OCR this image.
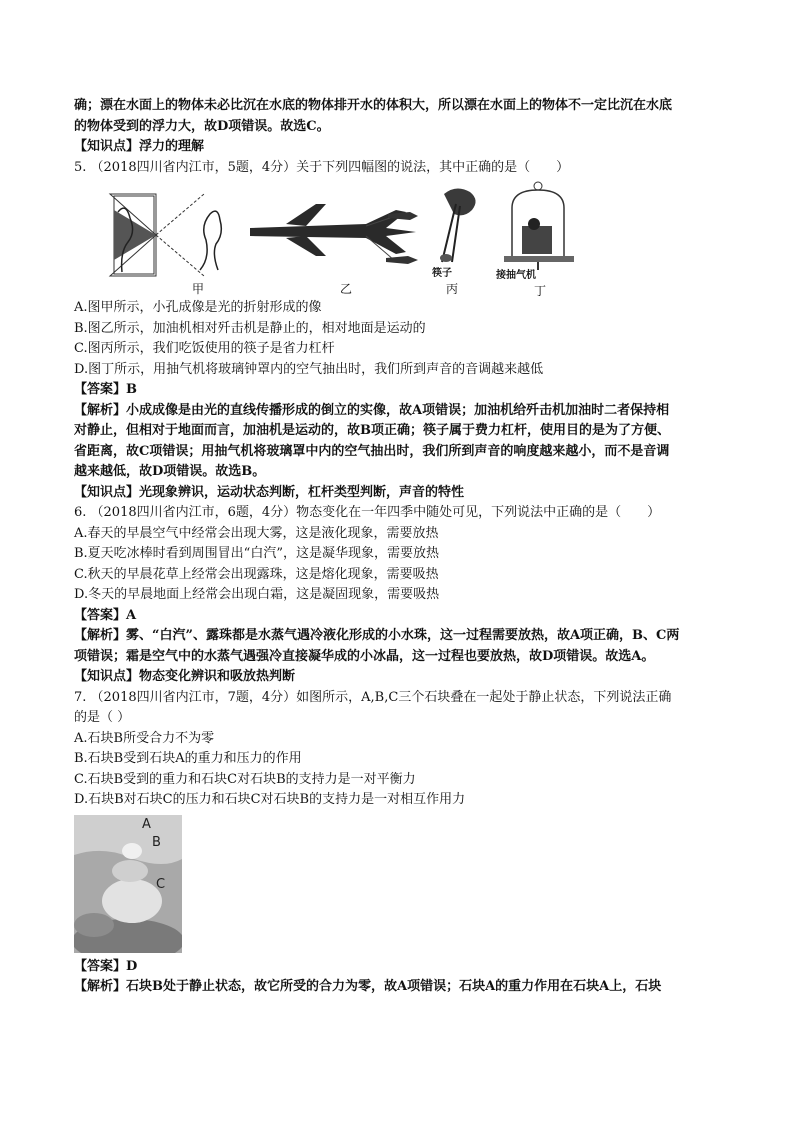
确；漂在水面上的物体未必比沉在水底的物体排开水的体积大，所以漂在水面上的物体不一定比沉在水底
的物体受到的浮力大，故D项错误。故选C。
【知识点】浮力的理解
5. （2018四川省内江市，5题，4分）关于下列四幅图的说法，其中正确的是（　　）
甲	乙
筷子
丙
接抽气机
丁
A.图甲所示，小孔成像是光的折射形成的像
B.图乙所示，加油机相对歼击机是静止的，相对地面是运动的
C.图丙所示，我们吃饭使用的筷子是省力杠杆
D.图丁所示，用抽气机将玻璃钟罩内的空气抽出时，我们所到声音的音调越来越低
【答案】B
【解析】小成成像是由光的直线传播形成的倒立的实像，故A项错误；加油机给歼击机加油时二者保持相
对静止，但相对于地面而言，加油机是运动的，故B项正确；筷子属于费力杠杆，使用目的是为了方便、
省距离，故C项错误；用抽气机将玻璃罩中内的空气抽出时，我们所到声音的响度越来越小，而不是音调
越来越低，故D项错误。故选B。
【知识点】光现象辨识，运动状态判断，杠杆类型判断，声音的特性
6. （2018四川省内江市，6题，4分）物态变化在一年四季中随处可见，下列说法中正确的是（　　）
A.春天的早晨空气中经常会出现大雾，这是液化现象，需要放热
B.夏天吃冰棒时看到周围冒出“白汽”，这是凝华现象，需要放热
C.秋天的早晨花草上经常会出现露珠，这是熔化现象，需要吸热
D.冬天的早晨地面上经常会出现白霜，这是凝固现象，需要吸热
【答案】A
【解析】雾、“白汽”、露珠都是水蒸气遇冷液化形成的小水珠，这一过程需要放热，故A项正确，B、C两
项错误；霜是空气中的水蒸气遇强冷直接凝华成的小冰晶，这一过程也要放热，故D项错误。故选A。
【知识点】物态变化辨识和吸放热判断
7. （2018四川省内江市，7题，4分）如图所示，A,B,C三个石块叠在一起处于静止状态，下列说法正确
的是（ ）
A.石块B所受合力不为零
B.石块B受到石块A的重力和压力的作用
C.石块B受到的重力和石块C对石块B的支持力是一对平衡力
D.石块B对石块C的压力和石块C对石块B的支持力是一对相互作用力
A
B
C
【答案】D
【解析】石块B处于静止状态，故它所受的合力为零，故A项错误；石块A的重力作用在石块A上，石块
